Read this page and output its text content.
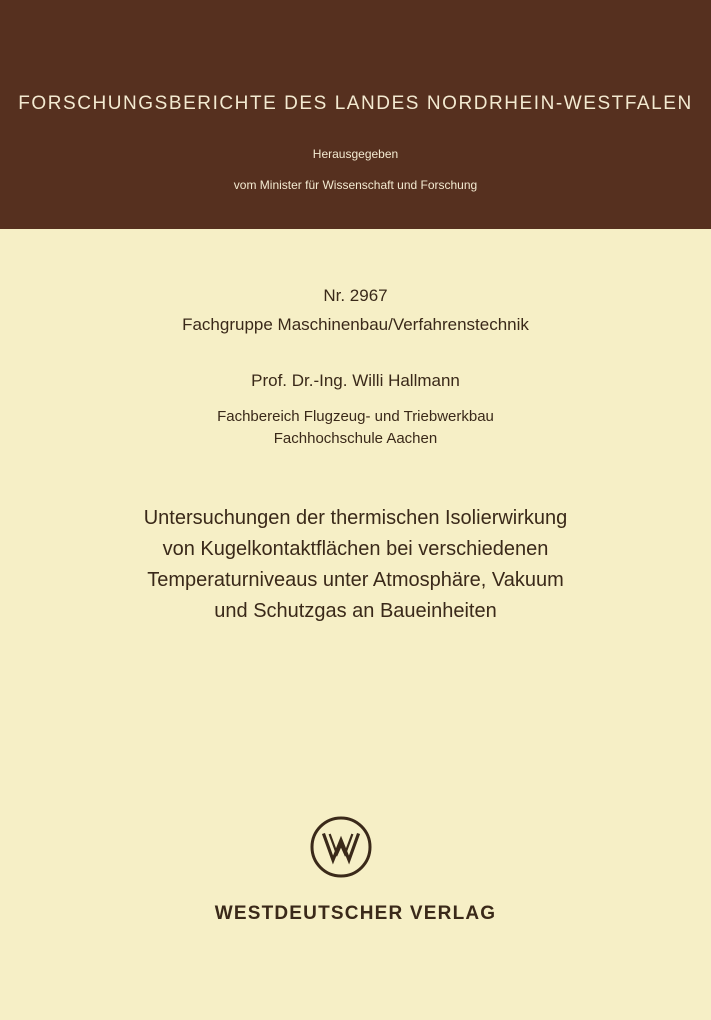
FORSCHUNGSBERICHTE DES LANDES NORDRHEIN-WESTFALEN
Herausgegeben
vom Minister für Wissenschaft und Forschung
Nr. 2967
Fachgruppe Maschinenbau/Verfahrenstechnik
Prof. Dr.-Ing. Willi Hallmann
Fachbereich Flugzeug- und Triebwerkbau
Fachhochschule Aachen
Untersuchungen der thermischen Isolierwirkung
von Kugelkontaktflächen bei verschiedenen
Temperaturniveaus unter Atmosphäre, Vakuum
und Schutzgas an Baueinheiten
WESTDEUTSCHER VERLAG
